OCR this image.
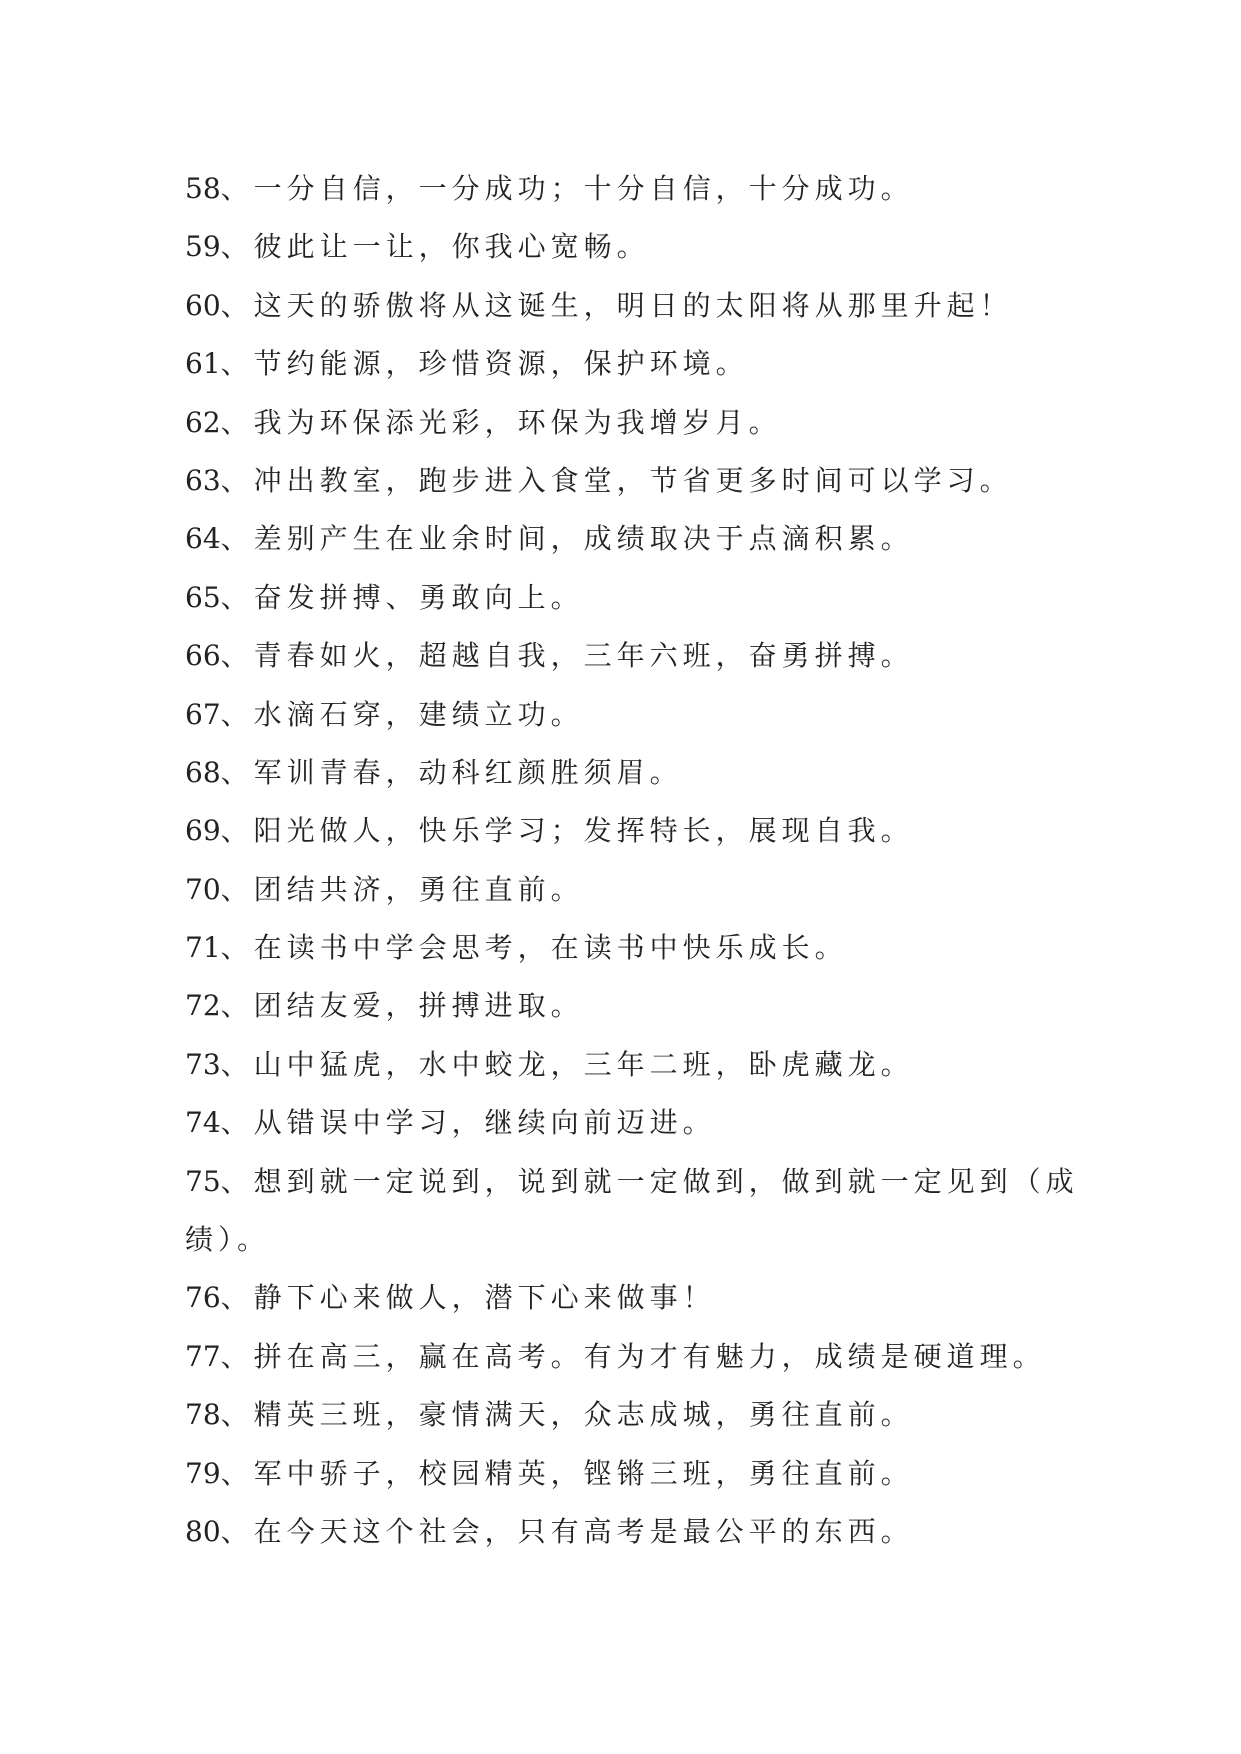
58、一分自信，一分成功；十分自信，十分成功。
59、彼此让一让，你我心宽畅。
60、这天的骄傲将从这诞生，明日的太阳将从那里升起！
61、节约能源，珍惜资源，保护环境。
62、我为环保添光彩，环保为我增岁月。
63、冲出教室，跑步进入食堂，节省更多时间可以学习。
64、差别产生在业余时间，成绩取决于点滴积累。
65、奋发拼搏、勇敢向上。
66、青春如火，超越自我，三年六班，奋勇拼搏。
67、水滴石穿，建绩立功。
68、军训青春，动科红颜胜须眉。
69、阳光做人，快乐学习；发挥特长，展现自我。
70、团结共济，勇往直前。
71、在读书中学会思考，在读书中快乐成长。
72、团结友爱，拼搏进取。
73、山中猛虎，水中蛟龙，三年二班，卧虎藏龙。
74、从错误中学习，继续向前迈进。
75、想到就一定说到，说到就一定做到，做到就一定见到（成绩）。
76、静下心来做人，潜下心来做事！
77、拼在高三，赢在高考。有为才有魅力，成绩是硬道理。
78、精英三班，豪情满天，众志成城，勇往直前。
79、军中骄子，校园精英，铿锵三班，勇往直前。
80、在今天这个社会，只有高考是最公平的东西。
